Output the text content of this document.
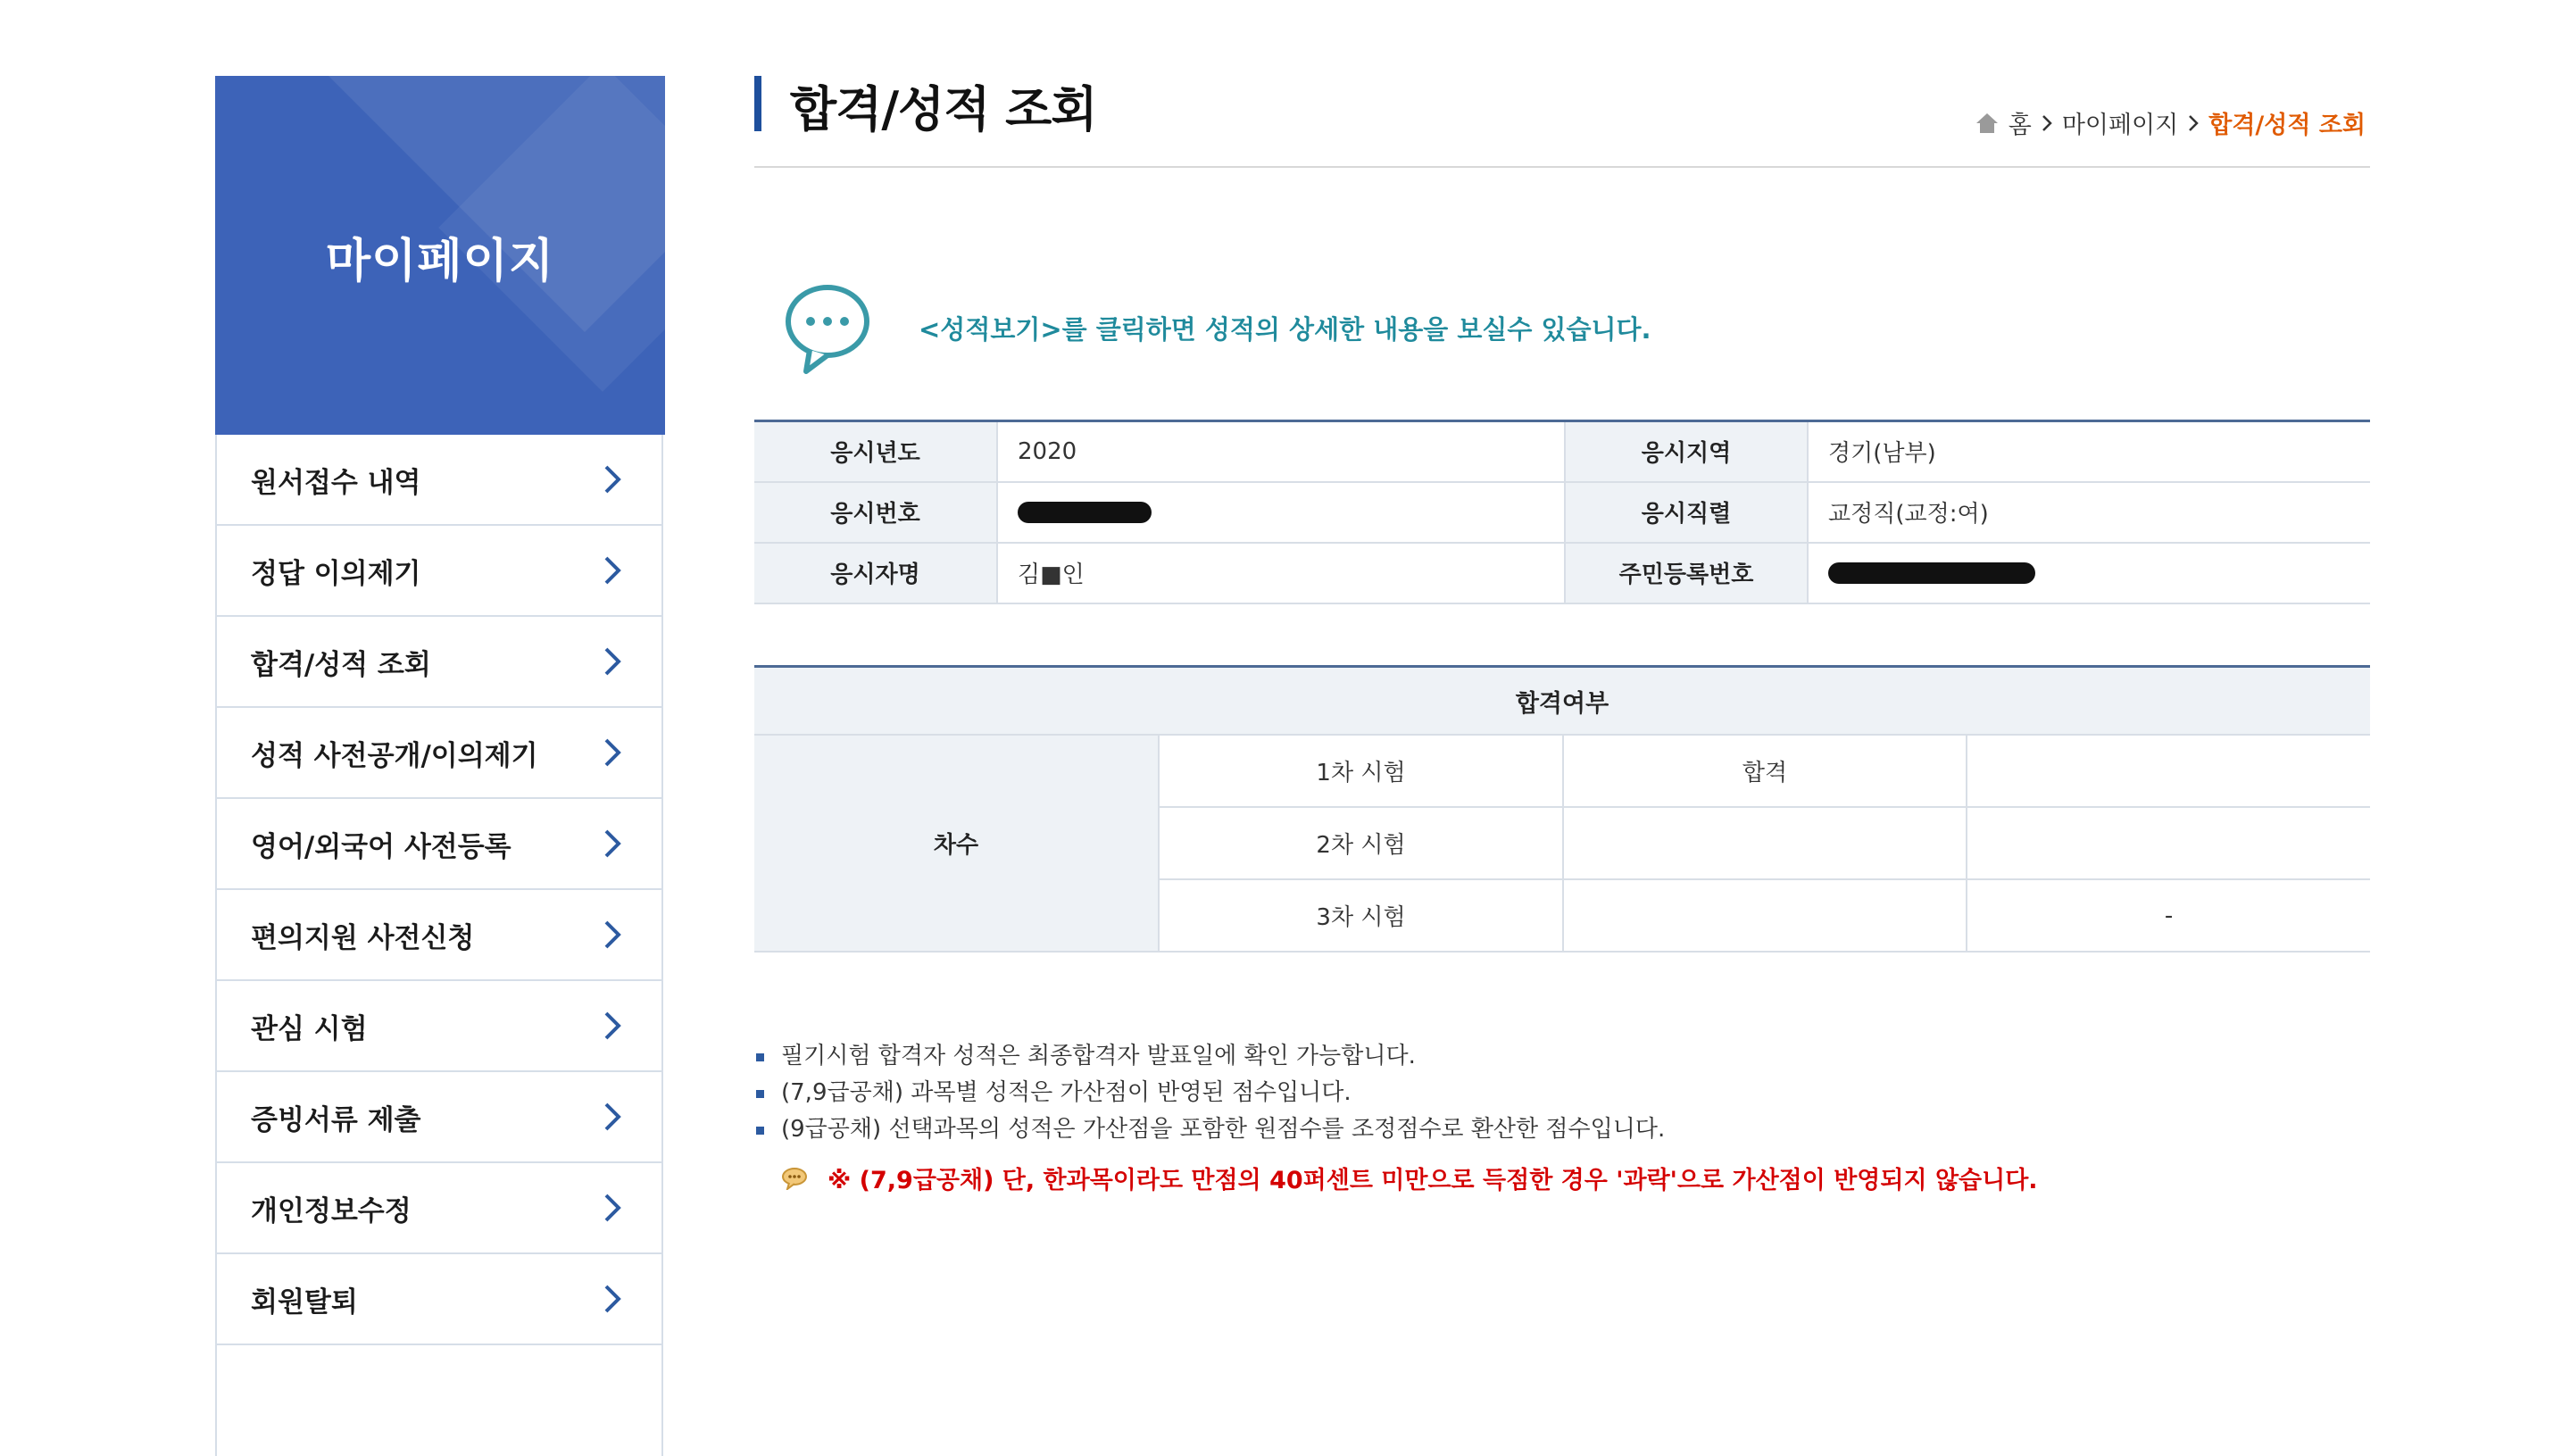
마이페이지
원서접수 내역
정답 이의제기
합격/성적 조회
성적 사전공개/이의제기
영어/외국어 사전등록
편의지원 사전신청
관심 시험
증빙서류 제출
개인정보수정
회원탈퇴
합격/성적 조회	홈 마이페이지 합격/성적 조회
<성적보기>를 클릭하면 성적의 상세한 내용을 보실수 있습니다.
응시년도	2020	응시지역	경기(남부)
응시번호		응시직렬	교정직(교정:여)
응시자명	김■인	주민등록번호	
합격여부			
차수	1차 시험	합격	
	2차 시험		
	3차 시험		-
필기시험 합격자 성적은 최종합격자 발표일에 확인 가능합니다.
(7,9급공채) 과목별 성적은 가산점이 반영된 점수입니다.
(9급공채) 선택과목의 성적은 가산점을 포함한 원점수를 조정점수로 환산한 점수입니다.
※ (7,9급공채) 단, 한과목이라도 만점의 40퍼센트 미만으로 득점한 경우 '과락'으로 가산점이 반영되지 않습니다.
